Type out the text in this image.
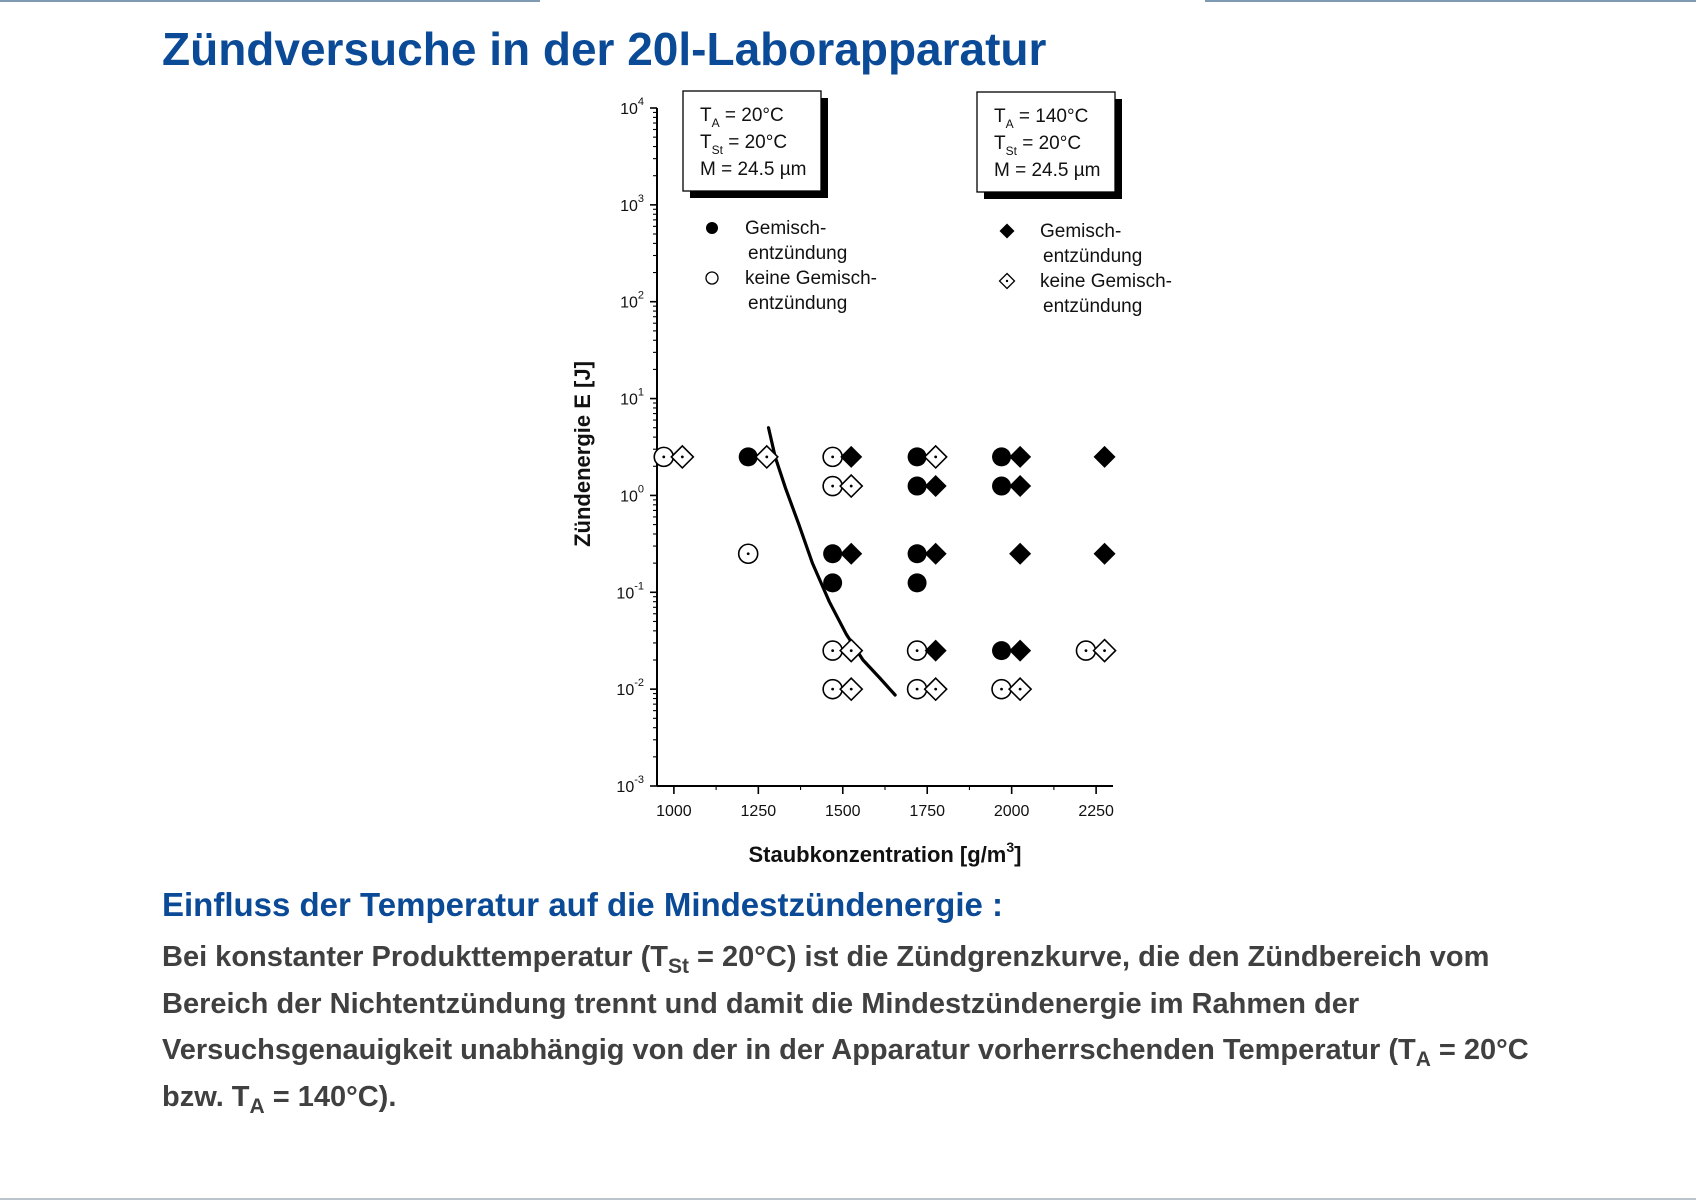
Zündversuche in der 20l-Laborapparatur
$10^{-3}$
$10^{-2}$
$10^{-1}$
$10^0$
$10^1$
$10^2$
$10^3$
$10^4$
1000	1250	1500	1750	2000	2250
Staubkonzentration $[g/m^3]$
Zündenergie E [J]
$T_A = 20^\circ C$
$T_{St} = 20^\circ C$
M = 24.5 µm
$T_A = 140^\circ C$
$T_{St} = 20^\circ C$
M = 24.5 µm
Gemisch-
entzündung
keine Gemisch-
entzündung
Gemisch-
entzündung
keine Gemisch-
entzündung
Einfluss der Temperatur auf die Mindestzündenergie :

Bei konstanter Produkttemperatur $(T_{St} = 20^\circ C)$ ist die Zündgrenzkurve, die den Zündbereich vom Bereich der Nichtentzündung trennt und damit die Mindestzündenergie im Rahmen der Versuchsgenauigkeit unabhängig von der in der Apparatur vorherrschenden Temperatur ($T_A = 20^\circ C$ bzw. $T_A = 140^\circ C$).
